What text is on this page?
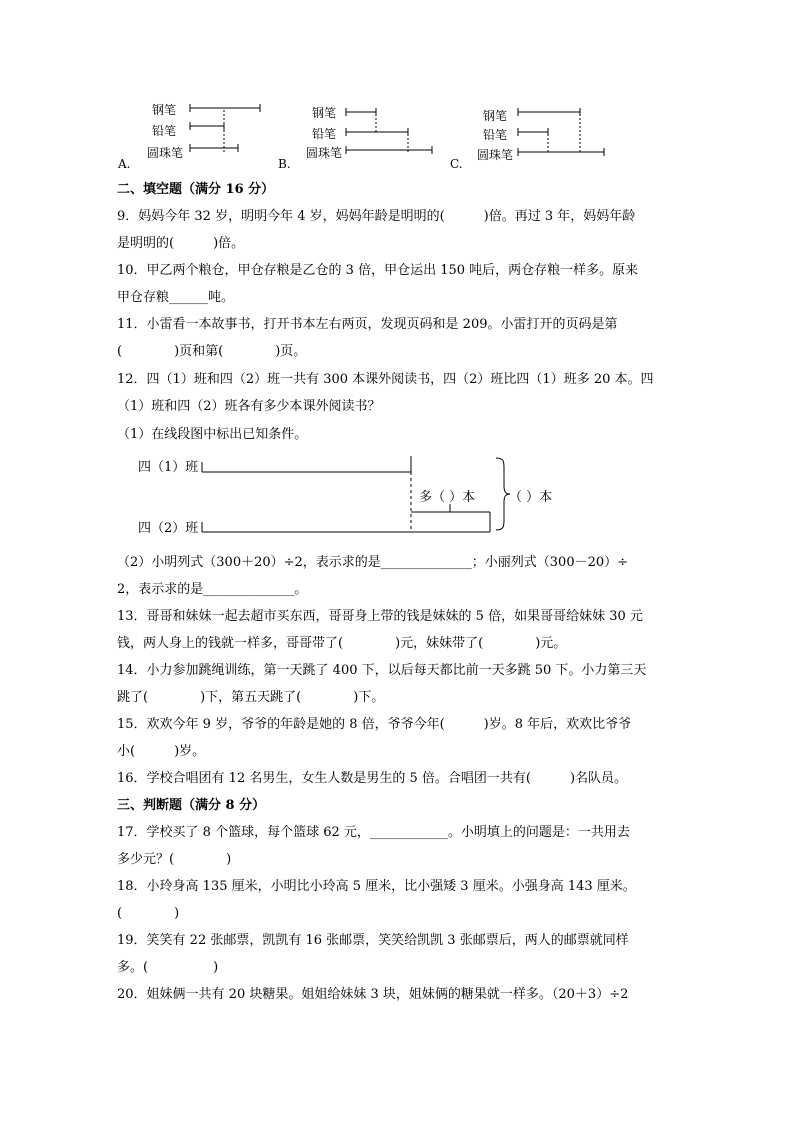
钢笔
铅笔
圆珠笔
A.
钢笔
铅笔
圆珠笔
B.
钢笔
铅笔
圆珠笔
C.
二、填空题（满分 16 分）
9．妈妈今年 32 岁，明明今年 4 岁，妈妈年龄是明明的(　　　)倍。再过 3 年，妈妈年龄
是明明的(　　　)倍。
10．甲乙两个粮仓，甲仓存粮是乙仓的 3 倍，甲仓运出 150 吨后，两仓存粮一样多。原来
甲仓存粮______吨。
11．小雷看一本故事书，打开书本左右两页，发现页码和是 209。小雷打开的页码是第
(　　　　)页和第(　　　　)页。
12．四（1）班和四（2）班一共有 300 本课外阅读书，四（2）班比四（1）班多 20 本。四
（1）班和四（2）班各有多少本课外阅读书？
（1）在线段图中标出已知条件。
四（1）班
四（2）班
多（ ）本	（ ）本
（2）小明列式（300＋20）÷2，表示求的是______________；小丽列式（300－20）÷
2，表示求的是______________。
13．哥哥和妹妹一起去超市买东西，哥哥身上带的钱是妹妹的 5 倍，如果哥哥给妹妹 30 元
钱，两人身上的钱就一样多，哥哥带了(　　　　)元，妹妹带了(　　　　)元。
14．小力参加跳绳训练，第一天跳了 400 下，以后每天都比前一天多跳 50 下。小力第三天
跳了(　　　　)下，第五天跳了(　　　　)下。
15．欢欢今年 9 岁，爷爷的年龄是她的 8 倍，爷爷今年(　　　)岁。8 年后，欢欢比爷爷
小(　　　)岁。
16．学校合唱团有 12 名男生，女生人数是男生的 5 倍。合唱团一共有(　　　)名队员。
三、判断题（满分 8 分）
17．学校买了 8 个篮球，每个篮球 62 元，____________。小明填上的问题是：一共用去
多少元？(　　　　)
18．小玲身高 135 厘米，小明比小玲高 5 厘米，比小强矮 3 厘米。小强身高 143 厘米。
(　　　　)
19．笑笑有 22 张邮票，凯凯有 16 张邮票，笑笑给凯凯 3 张邮票后，两人的邮票就同样
多。(　　　　　)
20．姐妹俩一共有 20 块糖果。姐姐给妹妹 3 块，姐妹俩的糖果就一样多。（20＋3）÷2
